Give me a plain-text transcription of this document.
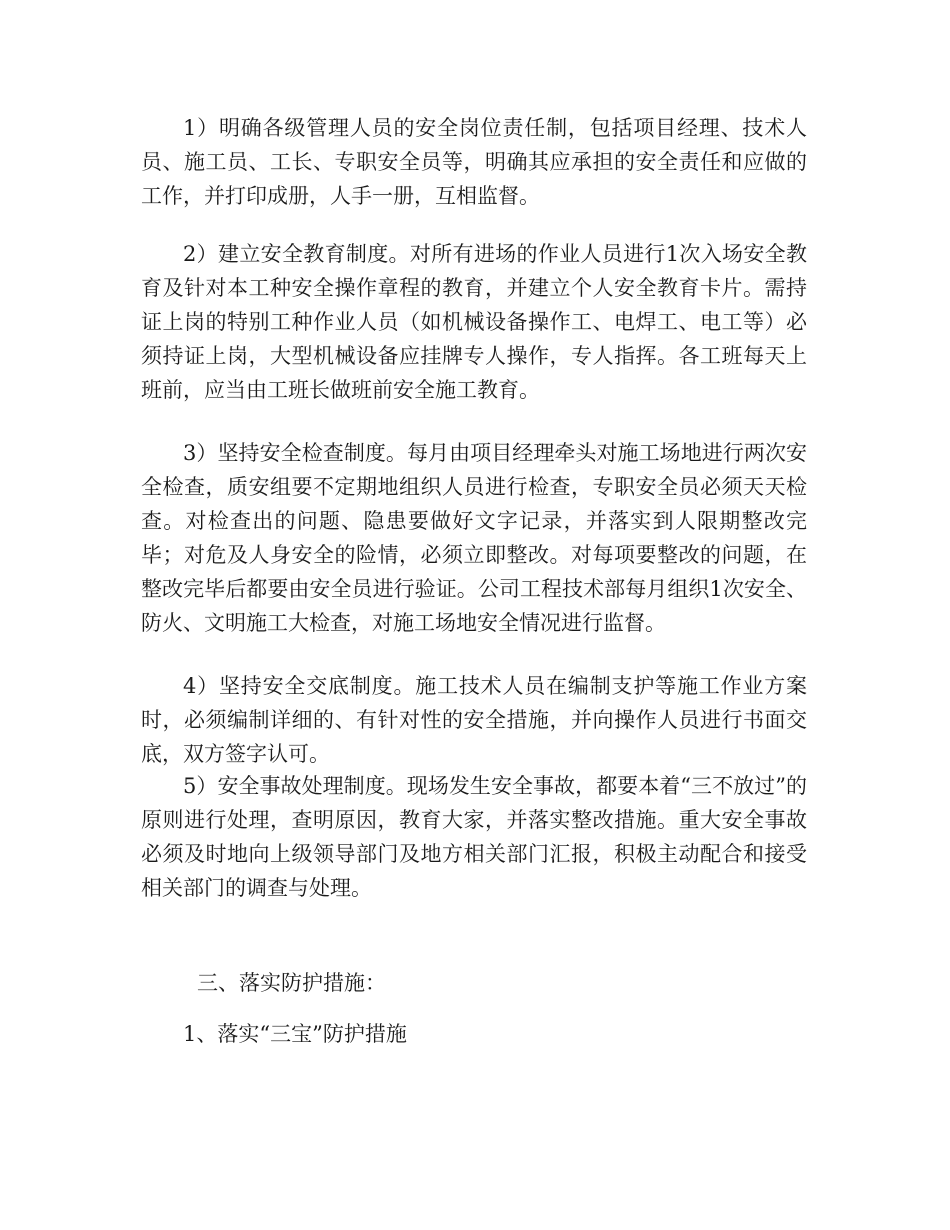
1）明确各级管理人员的安全岗位责任制，包括项目经理、技术人员、施工员、工长、专职安全员等，明确其应承担的安全责任和应做的工作，并打印成册，人手一册，互相监督。
2）建立安全教育制度。对所有进场的作业人员进行1次入场安全教育及针对本工种安全操作章程的教育，并建立个人安全教育卡片。需持证上岗的特别工种作业人员（如机械设备操作工、电焊工、电工等）必须持证上岗，大型机械设备应挂牌专人操作，专人指挥。各工班每天上班前，应当由工班长做班前安全施工教育。
3）坚持安全检查制度。每月由项目经理牵头对施工场地进行两次安全检查，质安组要不定期地组织人员进行检查，专职安全员必须天天检查。对检查出的问题、隐患要做好文字记录，并落实到人限期整改完毕；对危及人身安全的险情，必须立即整改。对每项要整改的问题，在整改完毕后都要由安全员进行验证。公司工程技术部每月组织1次安全、防火、文明施工大检查，对施工场地安全情况进行监督。
4）坚持安全交底制度。施工技术人员在编制支护等施工作业方案时，必须编制详细的、有针对性的安全措施，并向操作人员进行书面交底，双方签字认可。
5）安全事故处理制度。现场发生安全事故，都要本着“三不放过”的原则进行处理，查明原因，教育大家，并落实整改措施。重大安全事故必须及时地向上级领导部门及地方相关部门汇报，积极主动配合和接受相关部门的调查与处理。
三、落实防护措施：
1、落实“三宝”防护措施
